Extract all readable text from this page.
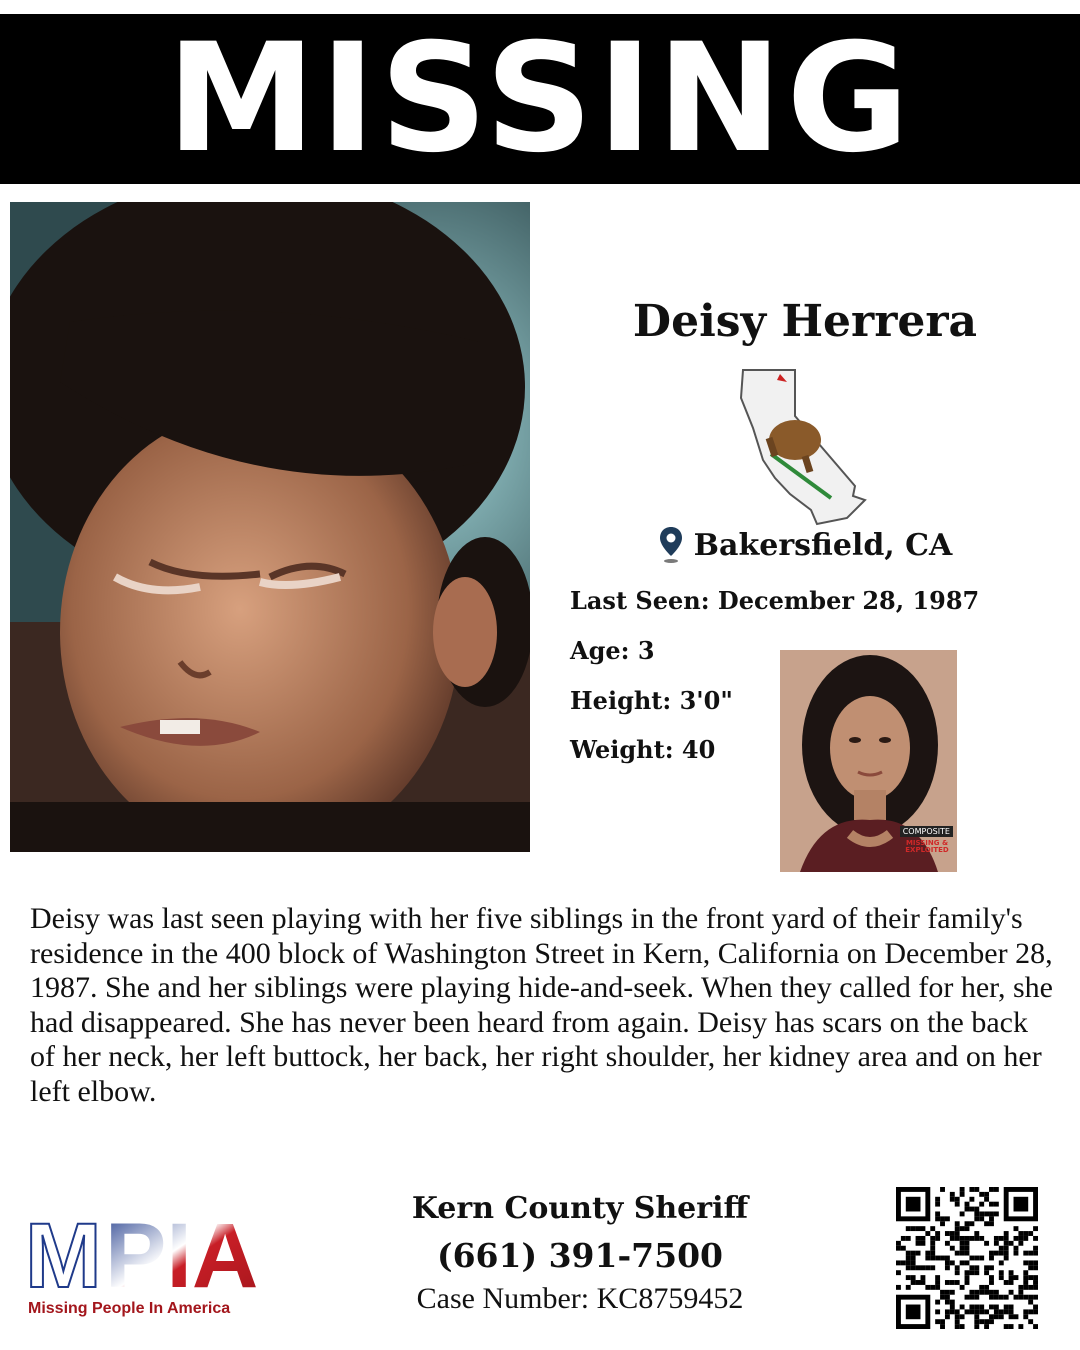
MISSING
Deisy Herrera
Bakersfield, CA
Last Seen: December 28, 1987
Age: 3
Height: 3'0"
Weight: 40
COMPOSITE
MISSING & EXPLOITED
Deisy was last seen playing with her five siblings in the front yard of their family's residence in the 400 block of Washington Street in Kern, California on December 28, 1987. She and her siblings were playing hide-and-seek. When they called for her, she had disappeared. She has never been heard from again. Deisy has scars on the back of her neck, her left buttock, her back, her right shoulder, her kidney area and on her left elbow.
M PIA
Missing People In America
Kern County Sheriff
(661) 391-7500
Case Number: KC8759452
